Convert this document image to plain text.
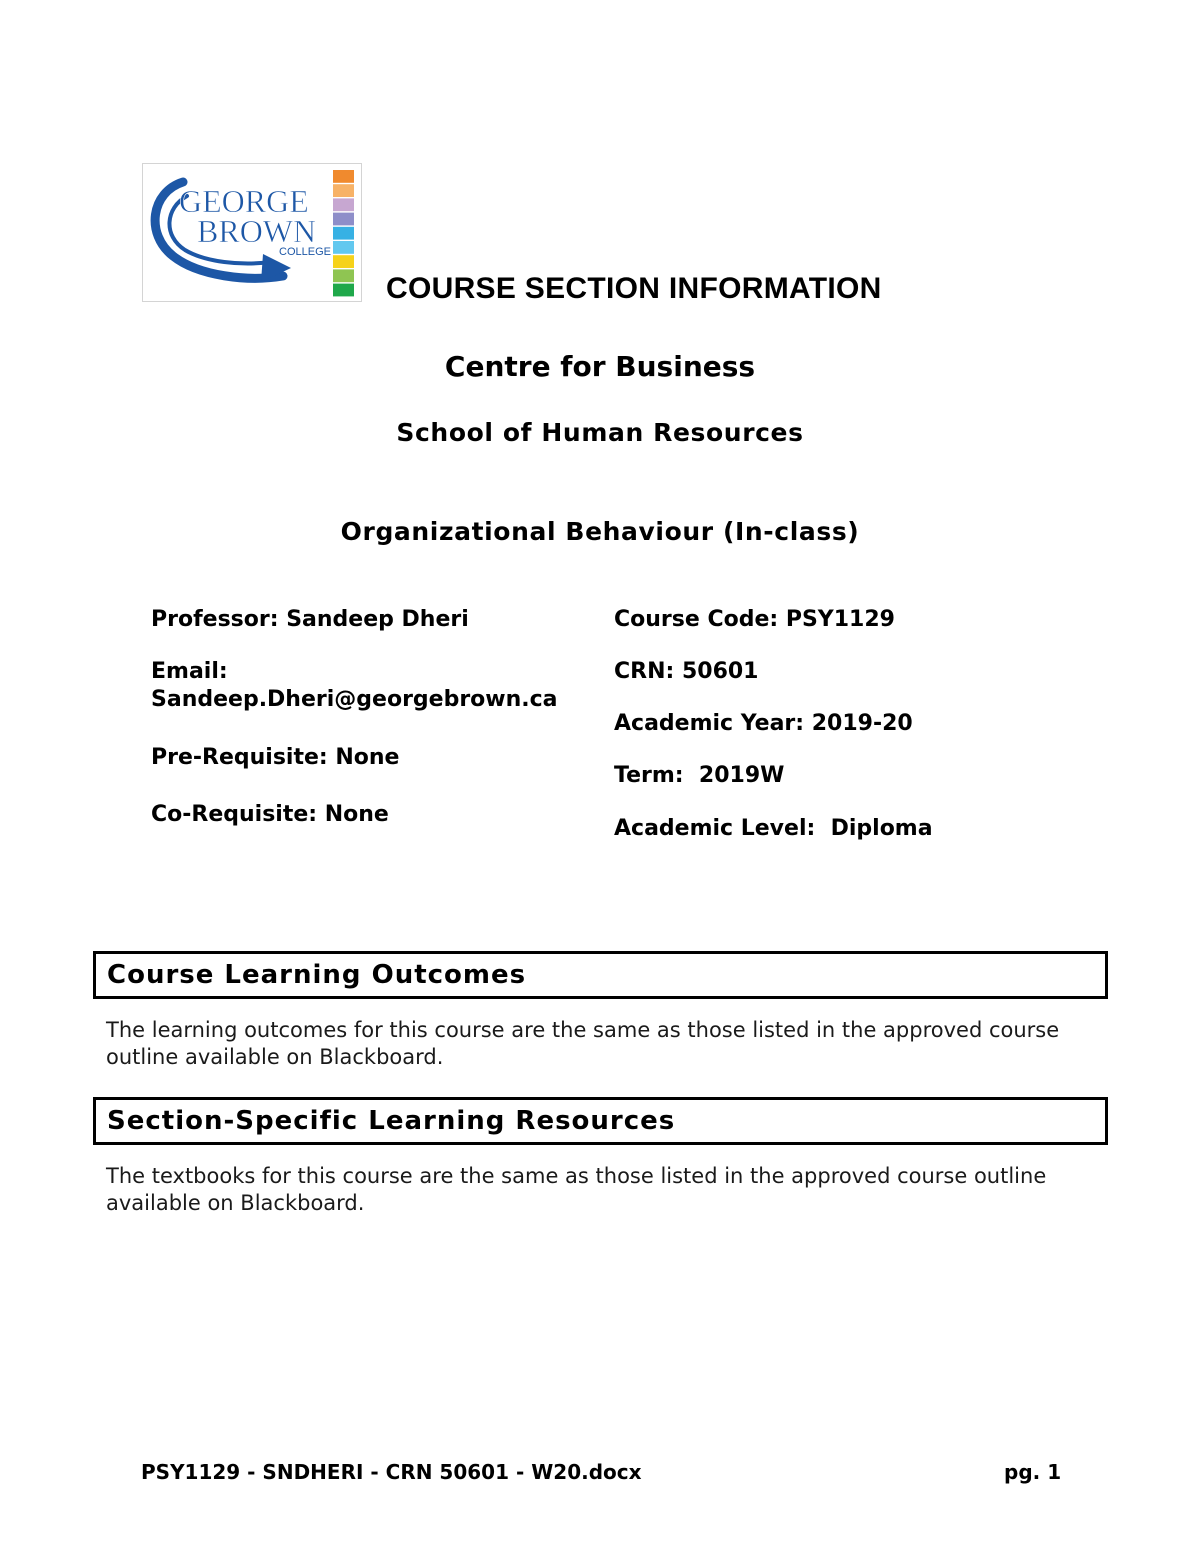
GEORGE
BROWN
COLLEGE
COURSE SECTION INFORMATION
Centre for Business
School of Human Resources
Organizational Behaviour (In-class)
Professor: Sandeep Dheri
Email:
Sandeep.Dheri@georgebrown.ca
Pre-Requisite: None
Co-Requisite: None
Course Code: PSY1129
CRN: 50601
Academic Year: 2019-20
Term:  2019W
Academic Level:  Diploma
Course Learning Outcomes
The learning outcomes for this course are the same as those listed in the approved course outline available on Blackboard.
Section-Specific Learning Resources
The textbooks for this course are the same as those listed in the approved course outline available on Blackboard.
PSY1129 - SNDHERI - CRN 50601 - W20.docx	pg. 1
